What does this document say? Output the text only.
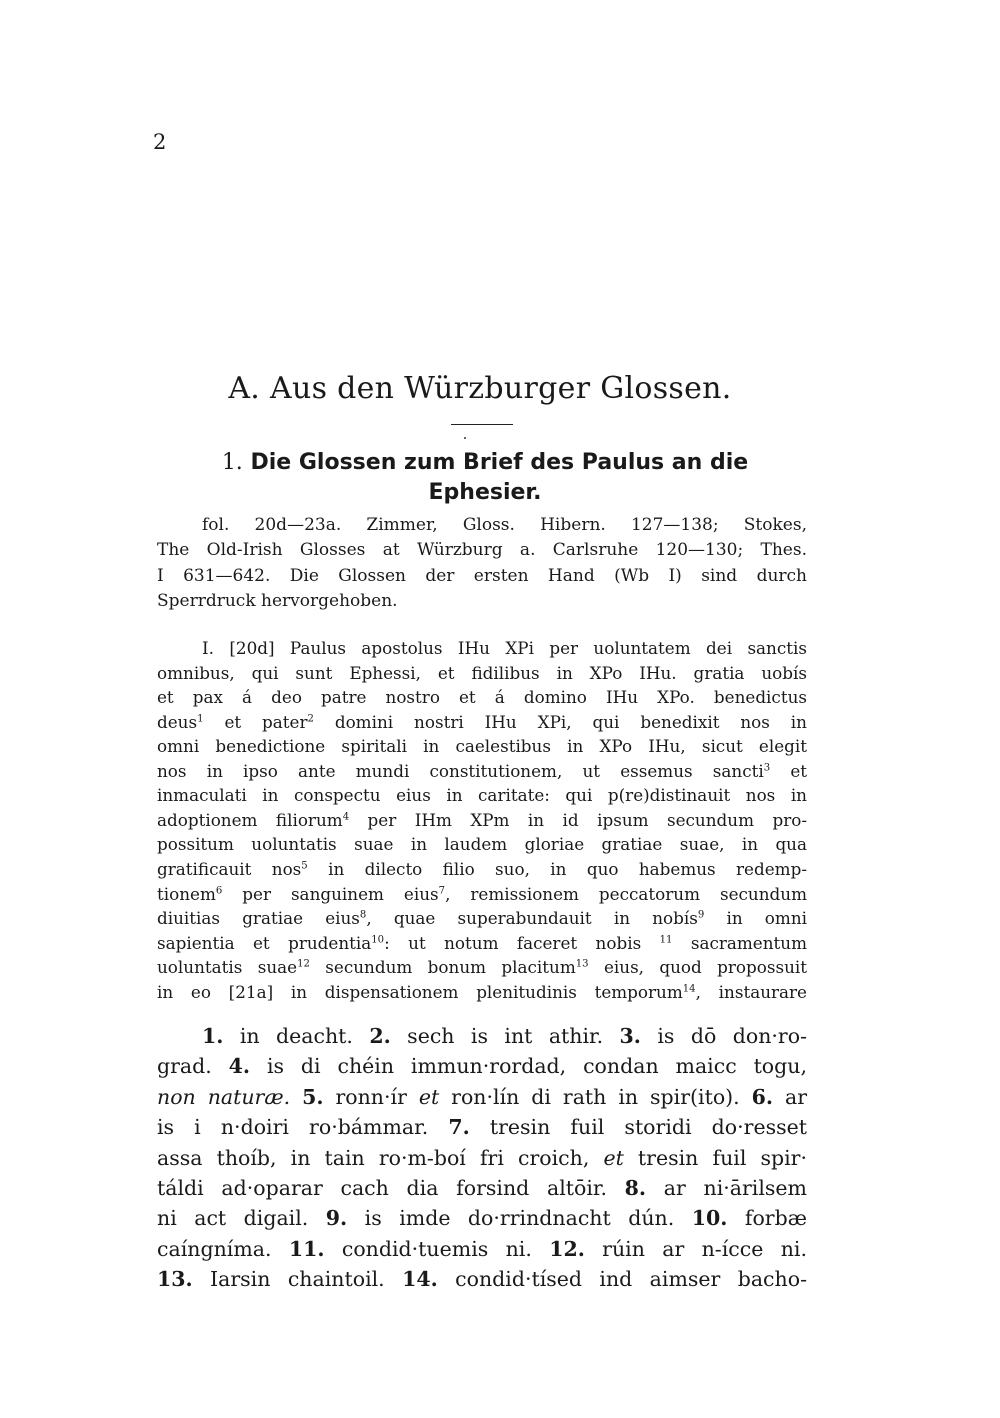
2
A. Aus den Würzburger Glossen.
1. Die Glossen zum Brief des Paulus an die
Ephesier.

fol. 20d—23a. Zimmer, Gloss. Hibern. 127—138; Stokes,

The Old-Irish Glosses at Würzburg a. Carlsruhe 120—130; Thes.

I 631—642. Die Glossen der ersten Hand (Wb I) sind durch

Sperrdruck hervorgehoben.

I. [20d] Paulus apostolus IHu XPi per uoluntatem dei sanctis

omnibus, qui sunt Ephessi, et fidilibus in XPo IHu. gratia uobís

et pax á deo patre nostro et á domino IHu XPo. benedictus

deus$^1$ et pater$^2$ domini nostri IHu XPi, qui benedixit nos in

omni benedictione spiritali in caelestibus in XPo IHu, sicut elegit

nos in ipso ante mundi constitutionem, ut essemus sancti$^3$ et

inmaculati in conspectu eius in caritate: qui p(re)distinauit nos in

adoptionem filiorum$^4$ per IHm XPm in id ipsum secundum pro-

possitum uoluntatis suae in laudem gloriae gratiae suae, in qua

gratificauit nos$^5$ in dilecto filio suo, in quo habemus redemp-

tionem$^6$ per sanguinem eius$^7$, remissionem peccatorum secundum

diuitias gratiae eius$^8$, quae superabundauit in nobís$^9$ in omni

sapientia et prudentia$^{10}$: ut notum faceret nobis $^{11}$ sacramentum

uoluntatis suae$^{12}$ secundum bonum placitum$^{13}$ eius, quod propossuit

in eo [21a] in dispensationem plenitudinis temporum$^{14}$, instaurare

1. in deacht. 2. sech is int athir. 3. is dō don·ro-

grad. 4. is di chéin immun·rordad, condan maicc togu,

non naturæ. 5. ronn·ír et ron·lín di rath in spir(ito). 6. ar

is i n·doiri ro·bámmar. 7. tresin fuil storidi do·resset

assa thoíb, in tain ro·m-boí fri croich, et tresin fuil spir·

táldi ad·oparar cach dia forsind altōir. 8. ar ni·ārilsem

ni act digail. 9. is imde do·rrindnacht dún. 10. forbæ

caíngníma. 11. condid·tuemis ni. 12. rúin ar n-ícce ni.

13. Iarsin chaintoil. 14. condid·tísed ind aimser bacho-
